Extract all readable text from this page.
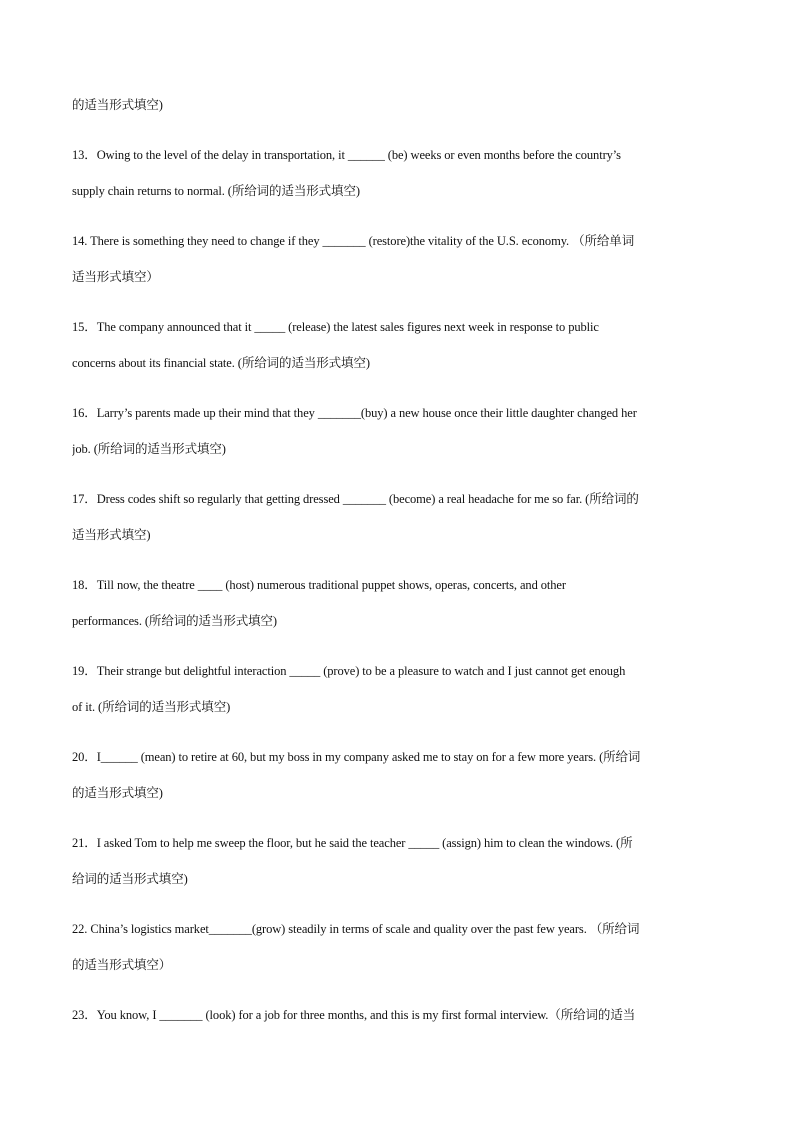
的适当形式填空)
13．Owing to the level of the delay in transportation, it ______ (be) weeks or even months before the country’s
supply chain returns to normal. (所给词的适当形式填空)
14. There is something they need to change if they _______ (restore)the vitality of the U.S. economy. （所给单词
适当形式填空）
15．The company announced that it _____ (release) the latest sales figures next week in response to public
concerns about its financial state. (所给词的适当形式填空)
16．Larry’s parents made up their mind that they _______(buy) a new house once their little daughter changed her
job. (所给词的适当形式填空)
17．Dress codes shift so regularly that getting dressed _______ (become) a real headache for me so far. (所给词的
适当形式填空)
18．Till now, the theatre ____ (host) numerous traditional puppet shows, operas, concerts, and other
performances. (所给词的适当形式填空)
19．Their strange but delightful interaction _____ (prove) to be a pleasure to watch and I just cannot get enough
of it. (所给词的适当形式填空)
20．I______ (mean) to retire at 60, but my boss in my company asked me to stay on for a few more years. (所给词
的适当形式填空)
21．I asked Tom to help me sweep the floor, but he said the teacher _____ (assign) him to clean the windows. (所
给词的适当形式填空)
22. China’s logistics market_______(grow) steadily in terms of scale and quality over the past few years. （所给词
的适当形式填空）
23．You know, I _______ (look) for a job for three months, and this is my first formal interview.（所给词的适当
